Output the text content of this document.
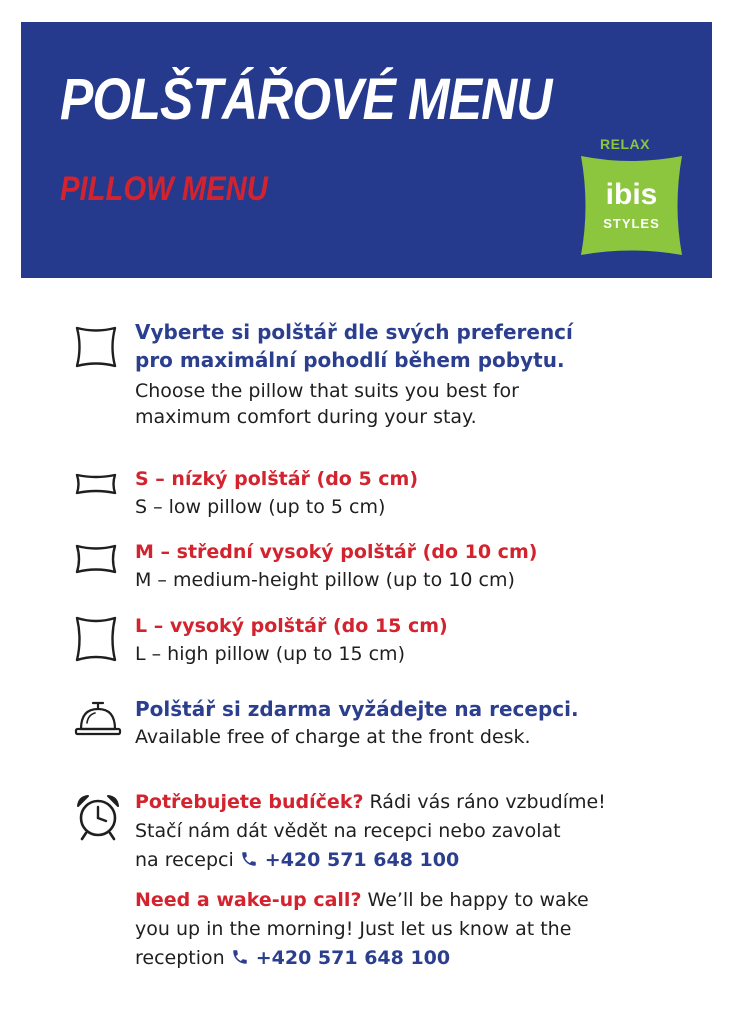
POLŠTÁŘOVÉ MENU
PILLOW MENU
RELAX
ibis
STYLES
Vyberte si polštář dle svých preferencí
pro maximální pohodlí během pobytu.
Choose the pillow that suits you best for
maximum comfort during your stay.
S – nízký polštář (do 5 cm)
S – low pillow (up to 5 cm)
M – střední vysoký polštář (do 10 cm)
M – medium-height pillow (up to 10 cm)
L – vysoký polštář (do 15 cm)
L – high pillow (up to 15 cm)
Polštář si zdarma vyžádejte na recepci.
Available free of charge at the front desk.
Potřebujete budíček? Rádi vás ráno vzbudíme!
Stačí nám dát vědět na recepci nebo zavolat
na recepci +420 571 648 100
Need a wake-up call? We’ll be happy to wake
you up in the morning! Just let us know at the
reception +420 571 648 100
